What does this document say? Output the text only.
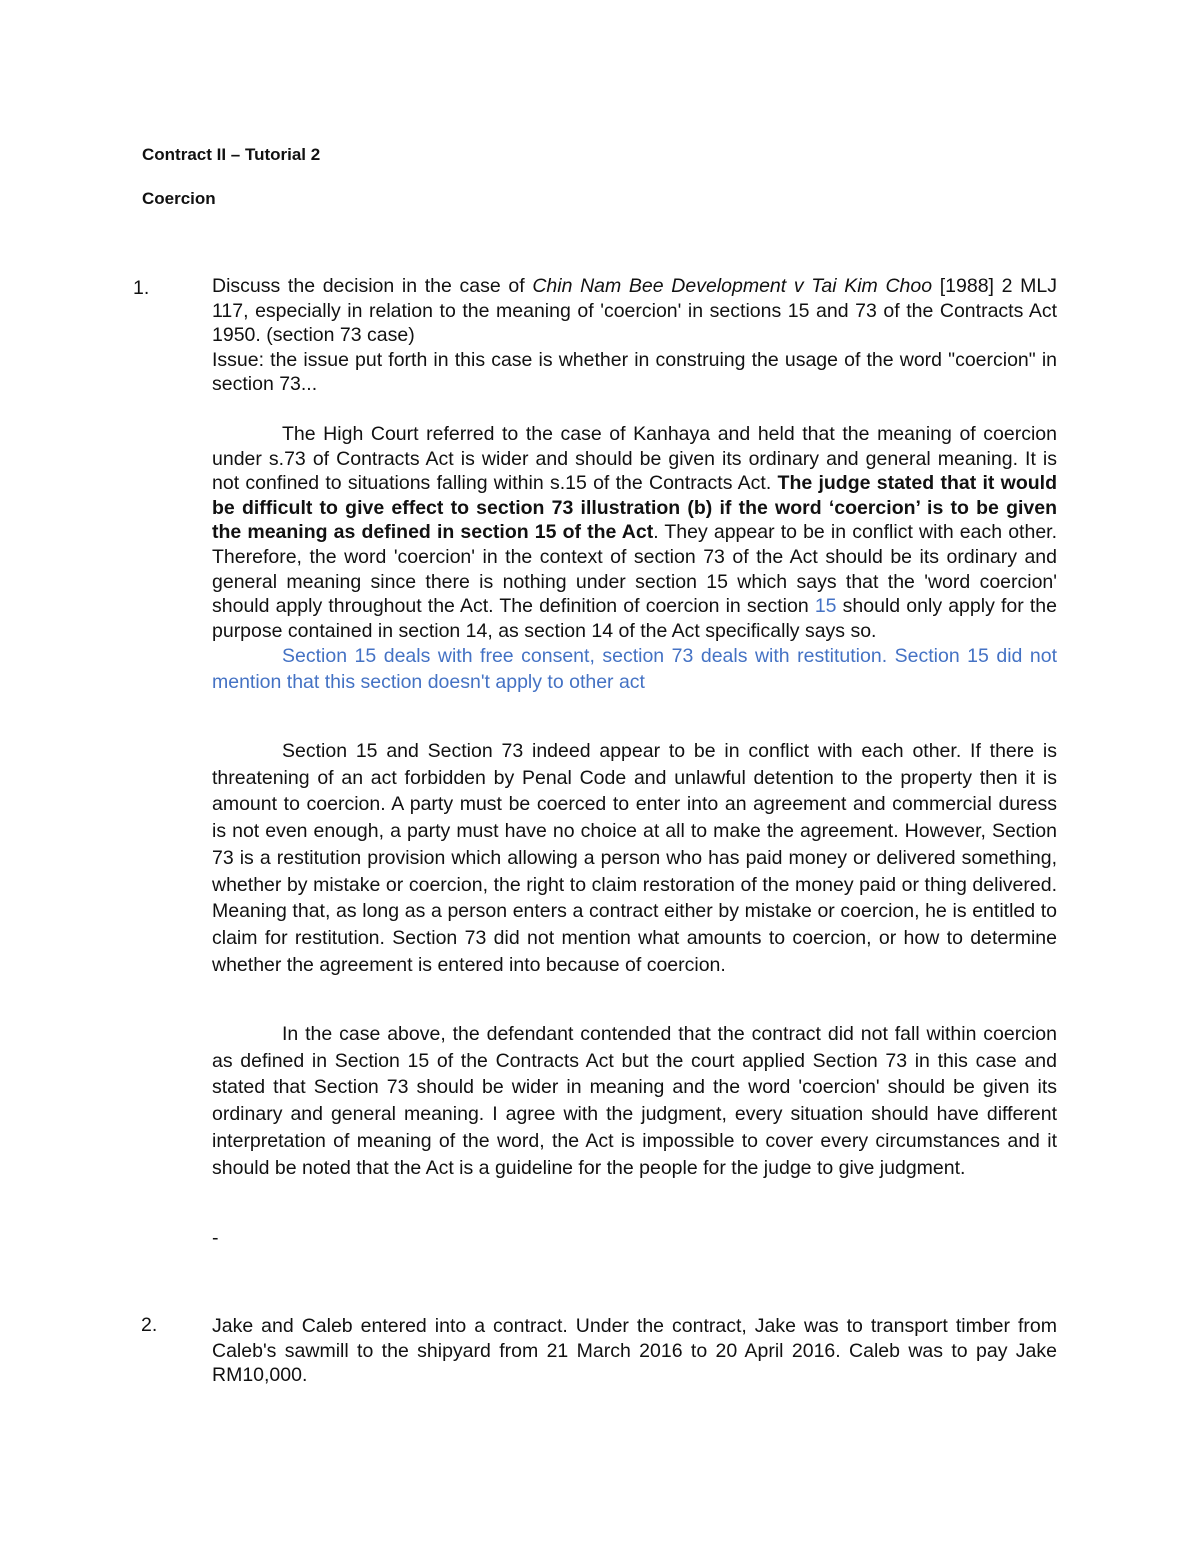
Contract II – Tutorial 2
Coercion
1.	Discuss the decision in the case of Chin Nam Bee Development v Tai Kim Choo [1988] 2 MLJ 117, especially in relation to the meaning of 'coercion' in sections 15 and 73 of the Contracts Act 1950. (section 73 case)

Issue: the issue put forth in this case is whether in construing the usage of the word "coercion" in section 73...

The High Court referred to the case of Kanhaya and held that the meaning of coercion under s.73 of Contracts Act is wider and should be given its ordinary and general meaning. It is not confined to situations falling within s.15 of the Contracts Act. The judge stated that it would be difficult to give effect to section 73 illustration (b) if the word ‘coercion’ is to be given the meaning as defined in section 15 of the Act. They appear to be in conflict with each other. Therefore, the word 'coercion' in the context of section 73 of the Act should be its ordinary and general meaning since there is nothing under section 15 which says that the 'word coercion' should apply throughout the Act. The definition of coercion in section 15 should only apply for the purpose contained in section 14, as section 14 of the Act specifically says so.

Section 15 deals with free consent, section 73 deals with restitution. Section 15 did not mention that this section doesn't apply to other act

Section 15 and Section 73 indeed appear to be in conflict with each other. If there is threatening of an act forbidden by Penal Code and unlawful detention to the property then it is amount to coercion. A party must be coerced to enter into an agreement and commercial duress is not even enough, a party must have no choice at all to make the agreement. However, Section 73 is a restitution provision which allowing a person who has paid money or delivered something, whether by mistake or coercion, the right to claim restoration of the money paid or thing delivered. Meaning that, as long as a person enters a contract either by mistake or coercion, he is entitled to claim for restitution. Section 73 did not mention what amounts to coercion, or how to determine whether the agreement is entered into because of coercion.

In the case above, the defendant contended that the contract did not fall within coercion as defined in Section 15 of the Contracts Act but the court applied Section 73 in this case and stated that Section 73 should be wider in meaning and the word 'coercion' should be given its ordinary and general meaning. I agree with the judgment, every situation should have different interpretation of meaning of the word, the Act is impossible to cover every circumstances and it should be noted that the Act is a guideline for the people for the judge to give judgment.

-
2.	Jake and Caleb entered into a contract. Under the contract, Jake was to transport timber from Caleb's sawmill to the shipyard from 21 March 2016 to 20 April 2016. Caleb was to pay Jake RM10,000.
